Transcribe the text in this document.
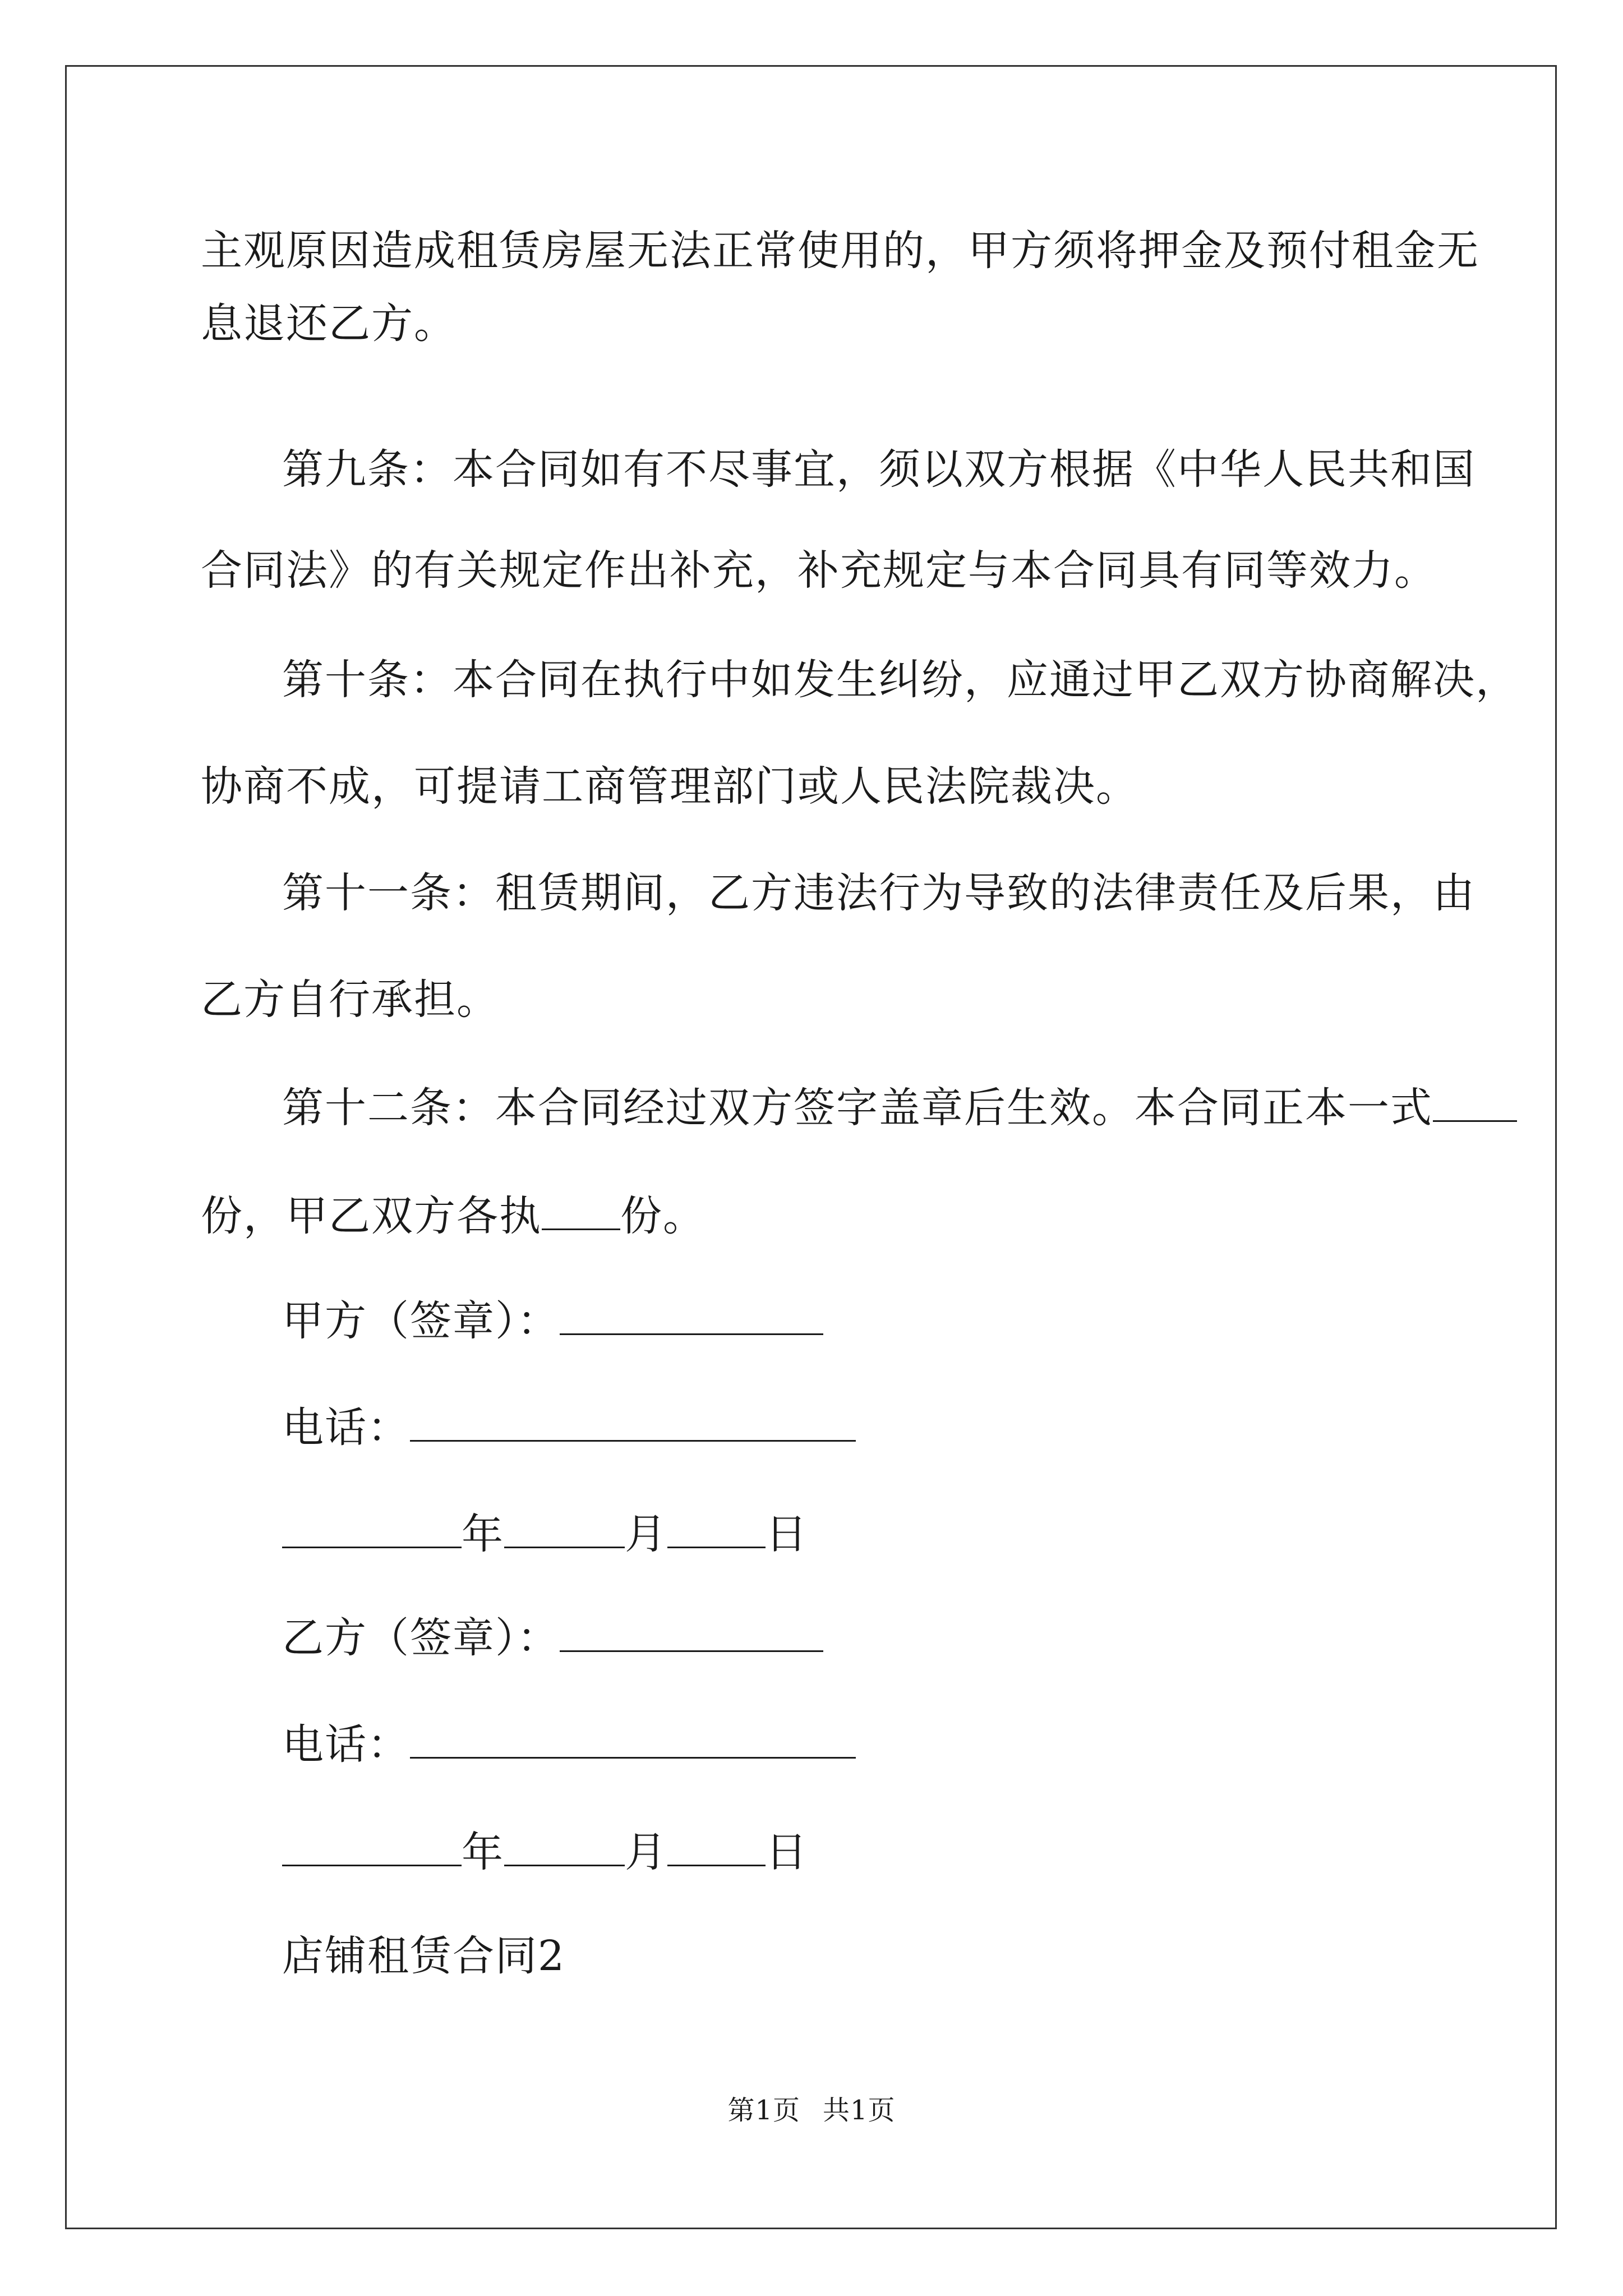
主观原因造成租赁房屋无法正常使用的，甲方须将押金及预付租金无
息退还乙方。
第九条：本合同如有不尽事宜，须以双方根据《中华人民共和国
合同法》的有关规定作出补充，补充规定与本合同具有同等效力。
第十条：本合同在执行中如发生纠纷，应通过甲乙双方协商解决，
协商不成，可提请工商管理部门或人民法院裁决。
第十一条：租赁期间，乙方违法行为导致的法律责任及后果，由
乙方自行承担。
第十二条：本合同经过双方签字盖章后生效。本合同正本一式
份，甲乙双方各执 份。
甲方（签章）：
电话：
年	月 日
乙方（签章）：
电话：
年	月 日
店铺租赁合同2
第1页 共1页
